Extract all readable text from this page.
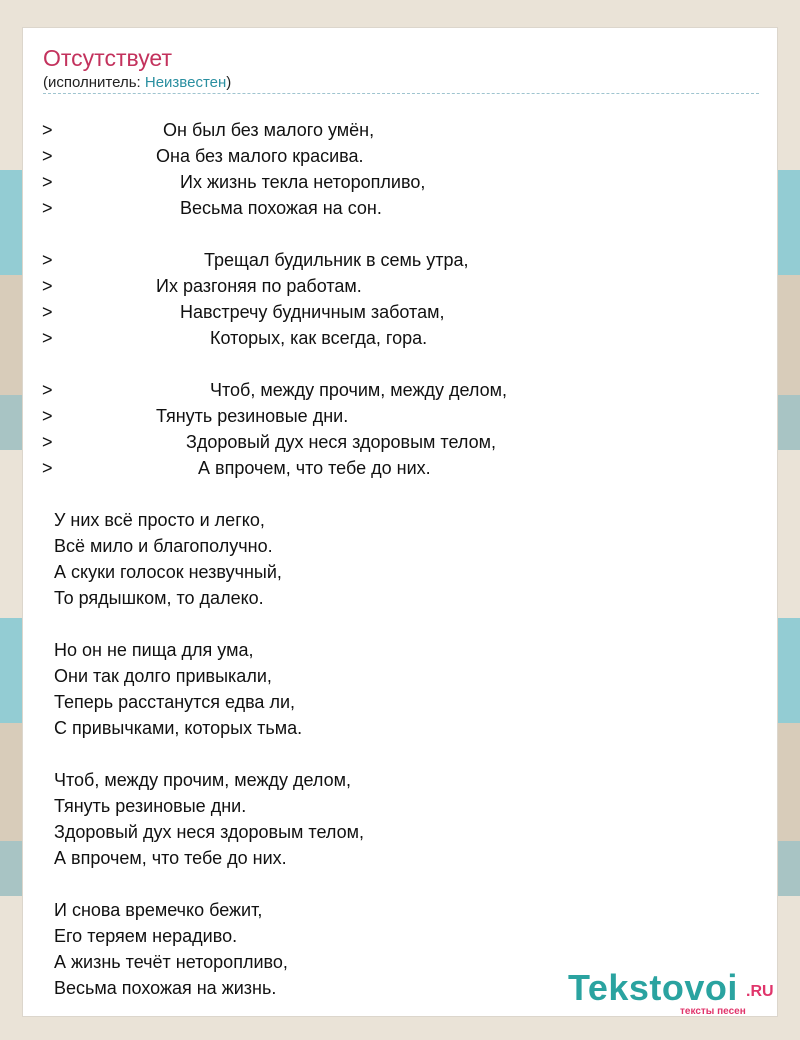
Отсутствует
(исполнитель: Неизвестен)
>	Он был без малого умён,
>	Она без малого красива.
>	Их жизнь текла неторопливо,
>	Весьма похожая на сон.
>	Трещал будильник в семь утра,
>	Их разгоняя по работам.
>	Навстречу будничным заботам,
>	Которых, как всегда, гора.
>	Чтоб, между прочим, между делом,
>	Тянуть резиновые дни.
>	Здоровый дух неся здоровым телом,
>	А впрочем, что тебе до них.
У них всё просто и легко,
Всё мило и благополучно.
А скуки голосок незвучный,
То рядышком, то далеко.
Но он не пища для ума,
Они так долго привыкали,
Теперь расстанутся едва ли,
С привычками, которых тьма.
Чтоб, между прочим, между делом,
Тянуть резиновые дни.
Здоровый дух неся здоровым телом,
А впрочем, что тебе до них.
И снова времечко бежит,
Его теряем нерадиво.
А жизнь течёт неторопливо,
Весьма похожая на жизнь.	Tekstovoi .RU
тексты песен
